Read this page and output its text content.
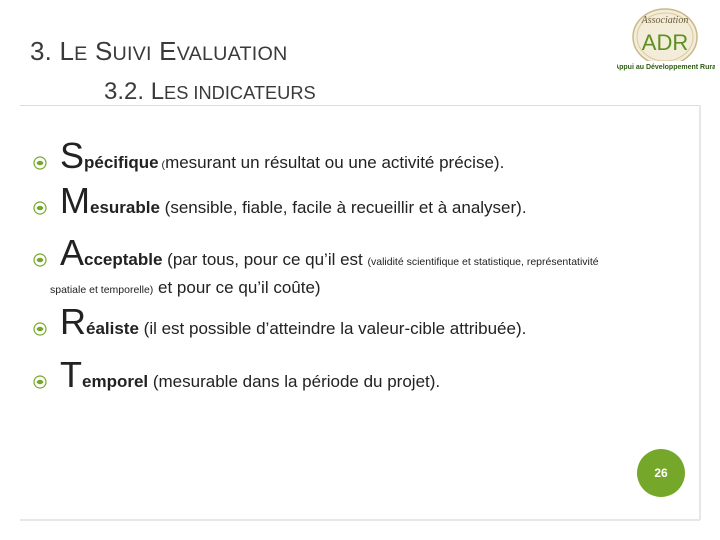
3. LE SUIVI EVALUATION
3.2. LES INDICATEURS
Association
ADR
Appui au Développement Rural
Spécifique (mesurant un résultat ou une activité précise).
Mesurable (sensible, fiable, facile à recueillir et à analyser).
Acceptable (par tous, pour ce qu’il est (validité scientifique et statistique, représentativité
spatiale et temporelle) et pour ce qu’il coûte)
Réaliste (il est possible d’atteindre la valeur-cible attribuée).
Temporel (mesurable dans la période du projet).
26
